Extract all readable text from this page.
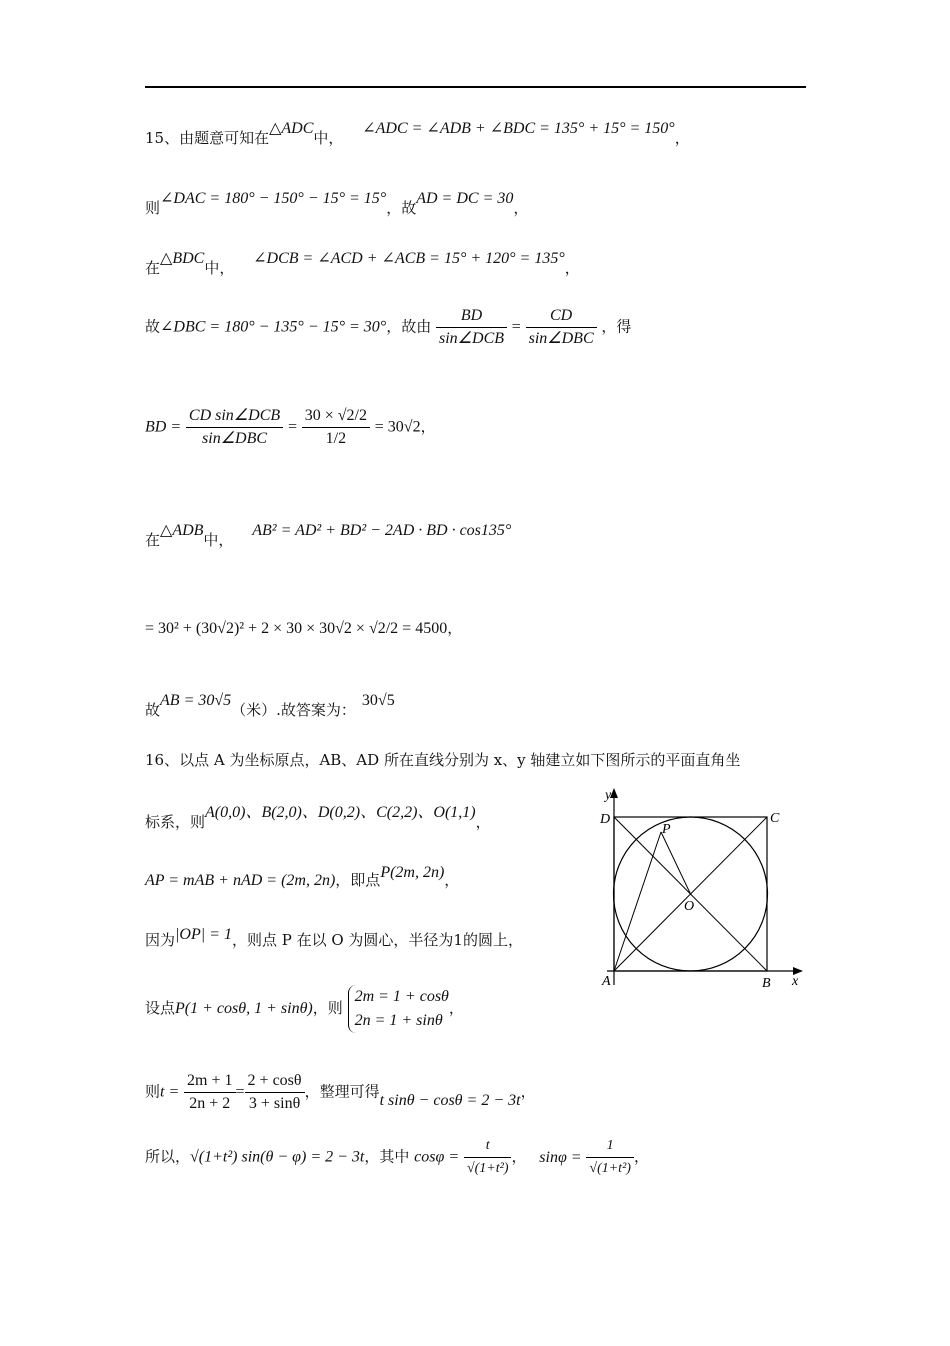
15、由题意可知在△ADC中， ∠ADC = ∠ADB + ∠BDC = 135° + 15° = 150°，
则∠DAC = 180° − 150° − 15° = 15°，故AD = DC = 30，
在△BDC中， ∠DCB = ∠ACD + ∠ACB = 15° + 120° = 135°，
故∠DBC = 180° − 135° − 15° = 30°，故由 $\frac{BD}{\text{sin∠DCB}} = \frac{CD}{\text{sin∠DBC}}$ ，得
BD = $\frac{\text{CD sin∠DCB}}{\text{sin∠DBC}} = \frac{30 \times √2/2}{1/2} = 30√2$，
在△ADB中， AB² = AD² + BD² − 2AD · BD · cos135°
= 30² + (30√2)² + 2 × 30 × 30√2 × √2/2 = 4500，
故AB = 30√5（米）.故答案为：30√5
16、以点 A 为坐标原点，AB、AD 所在直线分别为 x、y 轴建立如下图所示的平面直角坐
标系，则A(0,0)、B(2,0)、D(0,2)、C(2,2)、O(1,1)，
AP = mAB + nAD = (2m, 2n)，即点P(2m, 2n)，
因为|OP| = 1，则点 P 在以 O 为圆心，半径为1的圆上，
设点P(1 + cosθ, 1 + sinθ)，则
2m = 1 + cosθ
2n = 1 + sinθ
，
则$t = \frac{2m + 1}{2n + 2} = \frac{2 + \cos\theta}{3 + \sin\theta}$ ，整理可得t sinθ − cosθ = 2 − 3t，
所以，√(1+t²) sin(θ − φ) = 2 − 3t，其中 $\cos\varphi = \frac{t}{\text{√(1+t²)}}$ ， $\sin\varphi = \frac{1}{\text{√(1+t²)}}$ ，
y
D	C
P
O
A	B x
